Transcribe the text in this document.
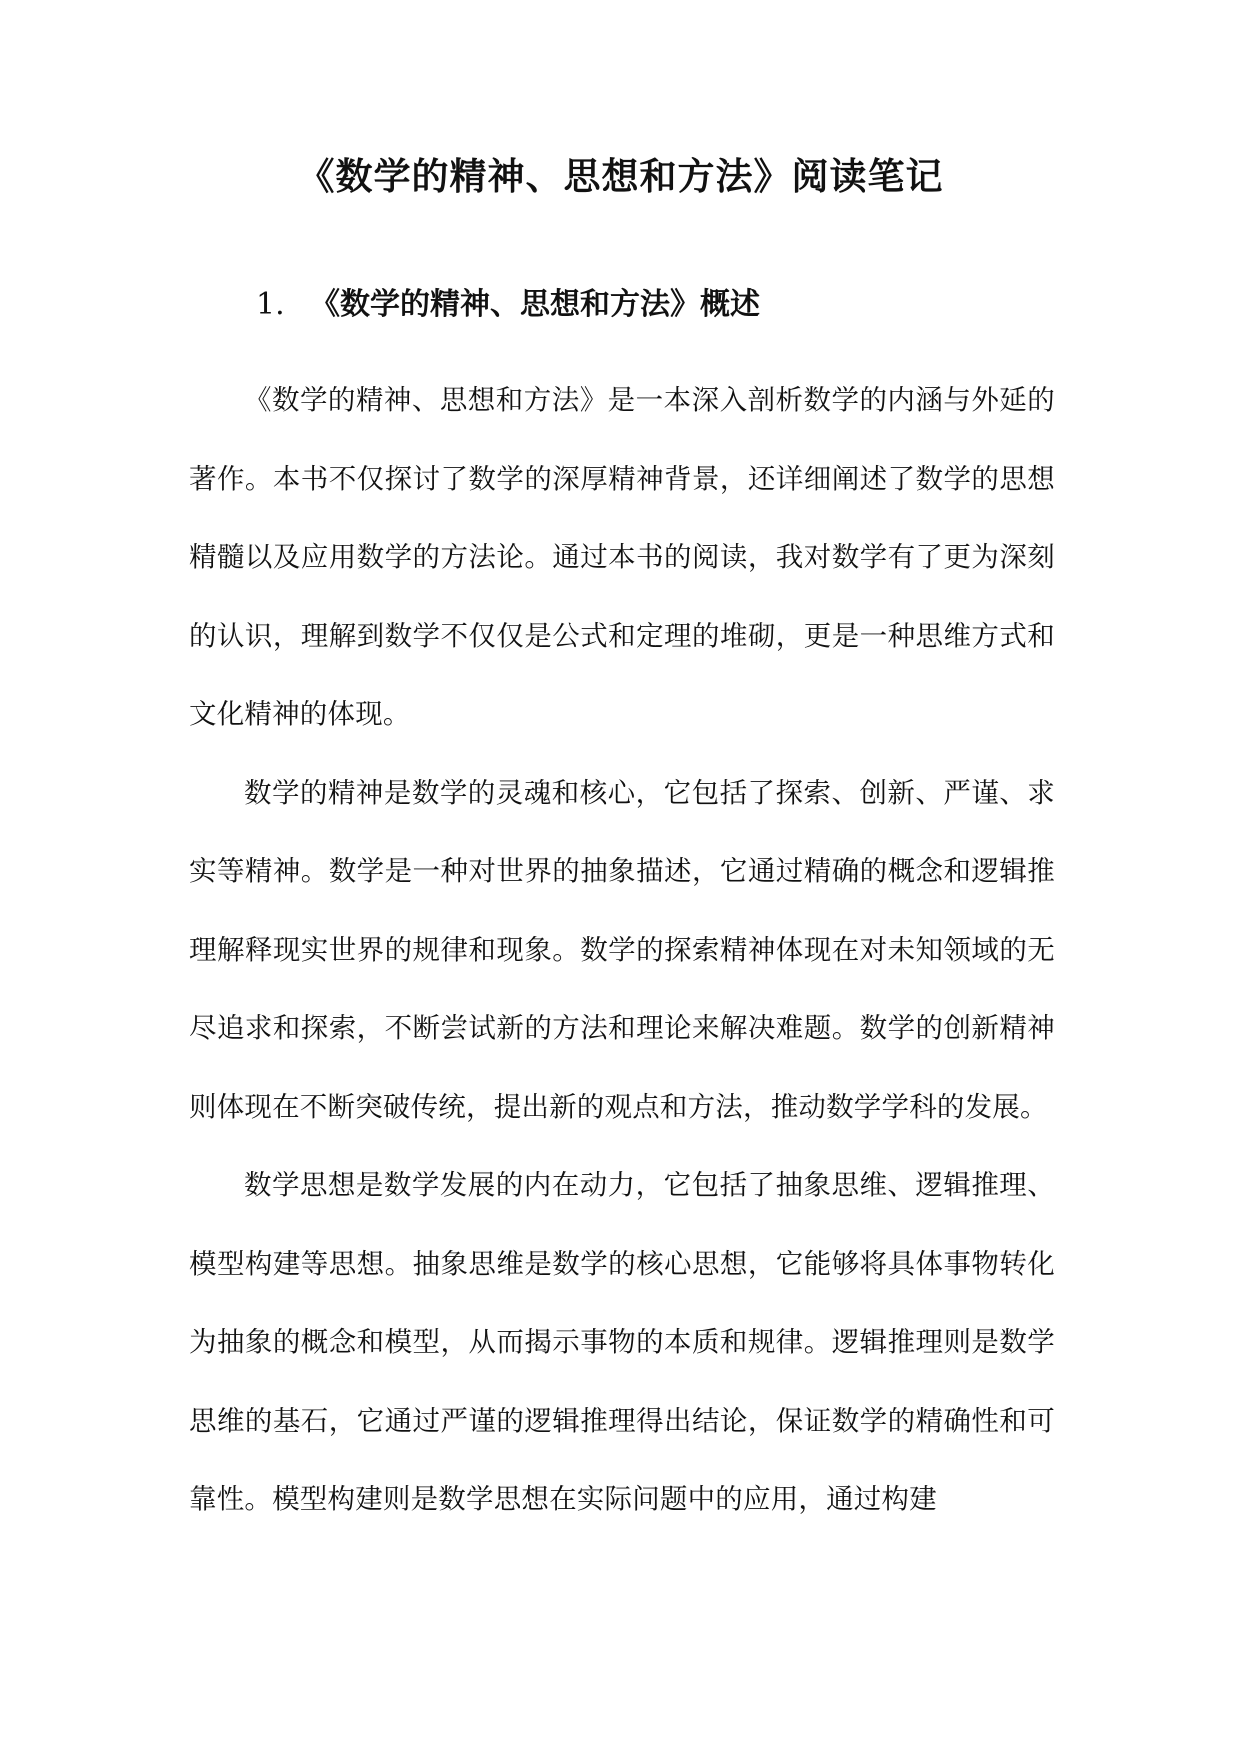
《数学的精神、思想和方法》阅读笔记
1. 《数学的精神、思想和方法》概述

《数学的精神、思想和方法》是一本深入剖析数学的内涵与外延的著作。本书不仅探讨了数学的深厚精神背景，还详细阐述了数学的思想精髓以及应用数学的方法论。通过本书的阅读，我对数学有了更为深刻的认识，理解到数学不仅仅是公式和定理的堆砌，更是一种思维方式和文化精神的体现。

数学的精神是数学的灵魂和核心，它包括了探索、创新、严谨、求实等精神。数学是一种对世界的抽象描述，它通过精确的概念和逻辑推理解释现实世界的规律和现象。数学的探索精神体现在对未知领域的无尽追求和探索，不断尝试新的方法和理论来解决难题。数学的创新精神则体现在不断突破传统，提出新的观点和方法，推动数学学科的发展。

数学思想是数学发展的内在动力，它包括了抽象思维、逻辑推理、模型构建等思想。抽象思维是数学的核心思想，它能够将具体事物转化为抽象的概念和模型，从而揭示事物的本质和规律。逻辑推理则是数学思维的基石，它通过严谨的逻辑推理得出结论，保证数学的精确性和可靠性。模型构建则是数学思想在实际问题中的应用，通过构建
